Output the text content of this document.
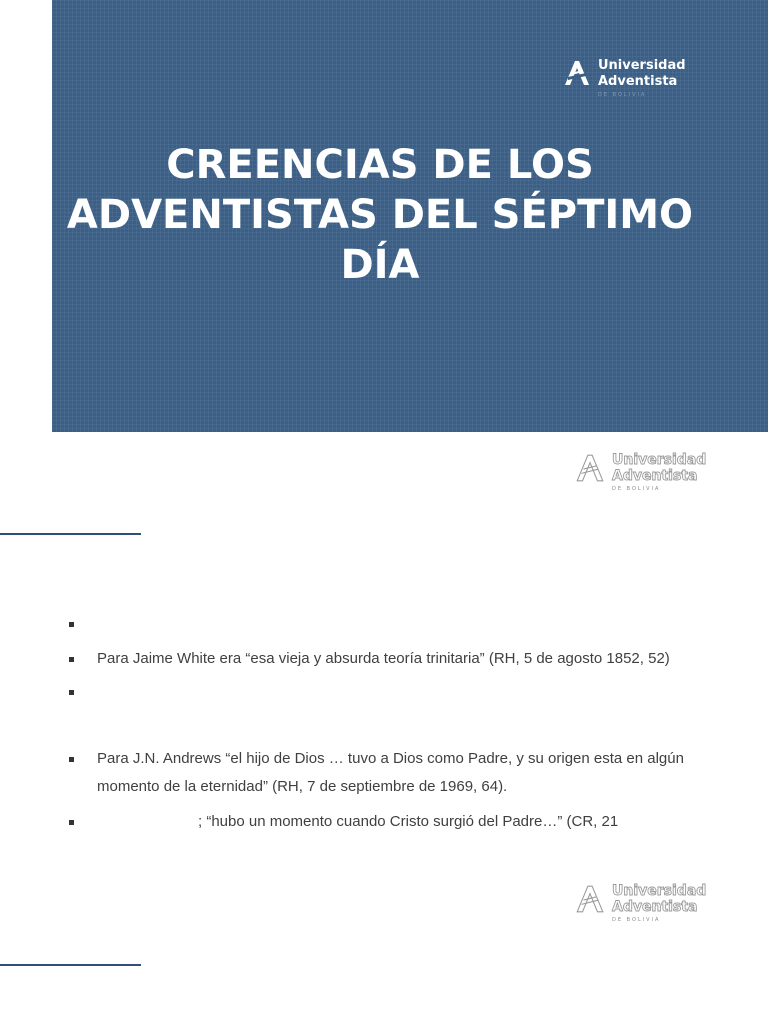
Universidad
Adventista
DE BOLIVIA
CREENCIAS DE LOS ADVENTISTAS DEL SÉPTIMO DÍA
Universidad
Adventista
DE BOLIVIA
Para Jaime White era “esa vieja y absurda teoría trinitaria” (RH, 5 de agosto 1852, 52)
Para J.N. Andrews “el hijo de Dios … tuvo a Dios como Padre, y su origen esta en algún momento de la eternidad” (RH, 7 de septiembre de 1969, 64).
; “hubo un momento cuando Cristo surgió del Padre…” (CR, 21
Universidad
Adventista
DE BOLIVIA
